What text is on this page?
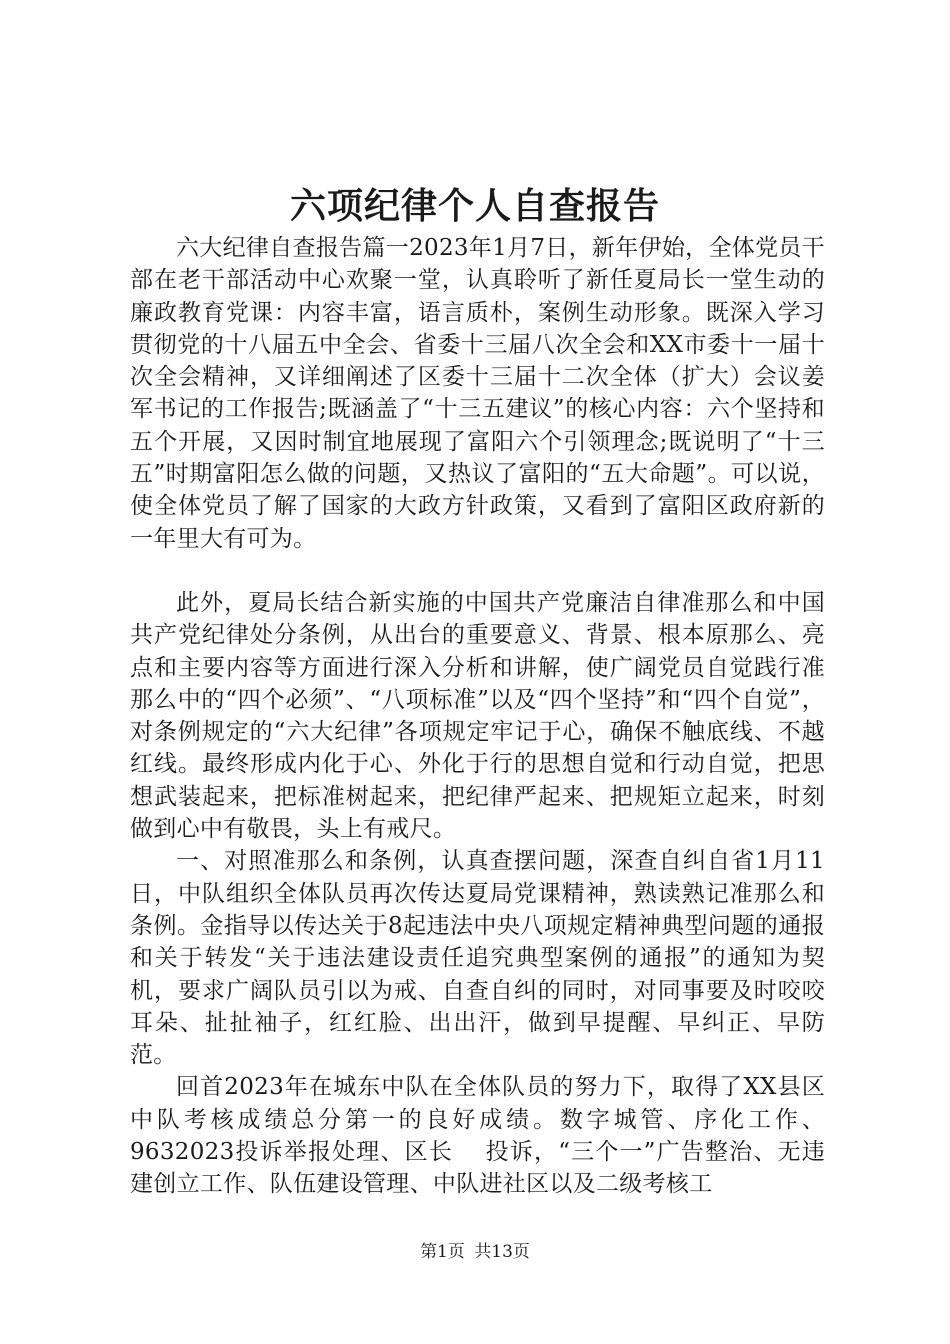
六项纪律个人自查报告

六大纪律自查报告篇一2023年1月7日，新年伊始，全体党员干部在老干部活动中心欢聚一堂，认真聆听了新任夏局长一堂生动的廉政教育党课：内容丰富，语言质朴，案例生动形象。既深入学习贯彻党的十八届五中全会、省委十三届八次全会和XX市委十一届十次全会精神，又详细阐述了区委十三届十二次全体（扩大）会议姜军书记的工作报告;既涵盖了“十三五建议”的核心内容：六个坚持和五个开展，又因时制宜地展现了富阳六个引领理念;既说明了“十三五”时期富阳怎么做的问题，又热议了富阳的“五大命题”。可以说，使全体党员了解了国家的大政方针政策，又看到了富阳区政府新的一年里大有可为。

此外，夏局长结合新实施的中国共产党廉洁自律准那么和中国共产党纪律处分条例，从出台的重要意义、背景、根本原那么、亮点和主要内容等方面进行深入分析和讲解，使广阔党员自觉践行准那么中的“四个必须”、“八项标准”以及“四个坚持”和“四个自觉”，对条例规定的“六大纪律”各项规定牢记于心，确保不触底线、不越红线。最终形成内化于心、外化于行的思想自觉和行动自觉，把思想武装起来，把标准树起来，把纪律严起来、把规矩立起来，时刻做到心中有敬畏，头上有戒尺。

一、对照准那么和条例，认真查摆问题，深查自纠自省1月11日，中队组织全体队员再次传达夏局党课精神，熟读熟记准那么和条例。金指导以传达关于8起违法中央八项规定精神典型问题的通报和关于转发“关于违法建设责任追究典型案例的通报”的通知为契机，要求广阔队员引以为戒、自查自纠的同时，对同事要及时咬咬耳朵、扯扯袖子，红红脸、出出汗，做到早提醒、早纠正、早防范。

回首2023年在城东中队在全体队员的努力下，取得了XX县区中队考核成绩总分第一的良好成绩。数字城管、序化工作、9632023投诉举报处理、区长　 投诉，“三个一”广告整治、无违建创立工作、队伍建设管理、中队进社区以及二级考核工

第1页 共13页
